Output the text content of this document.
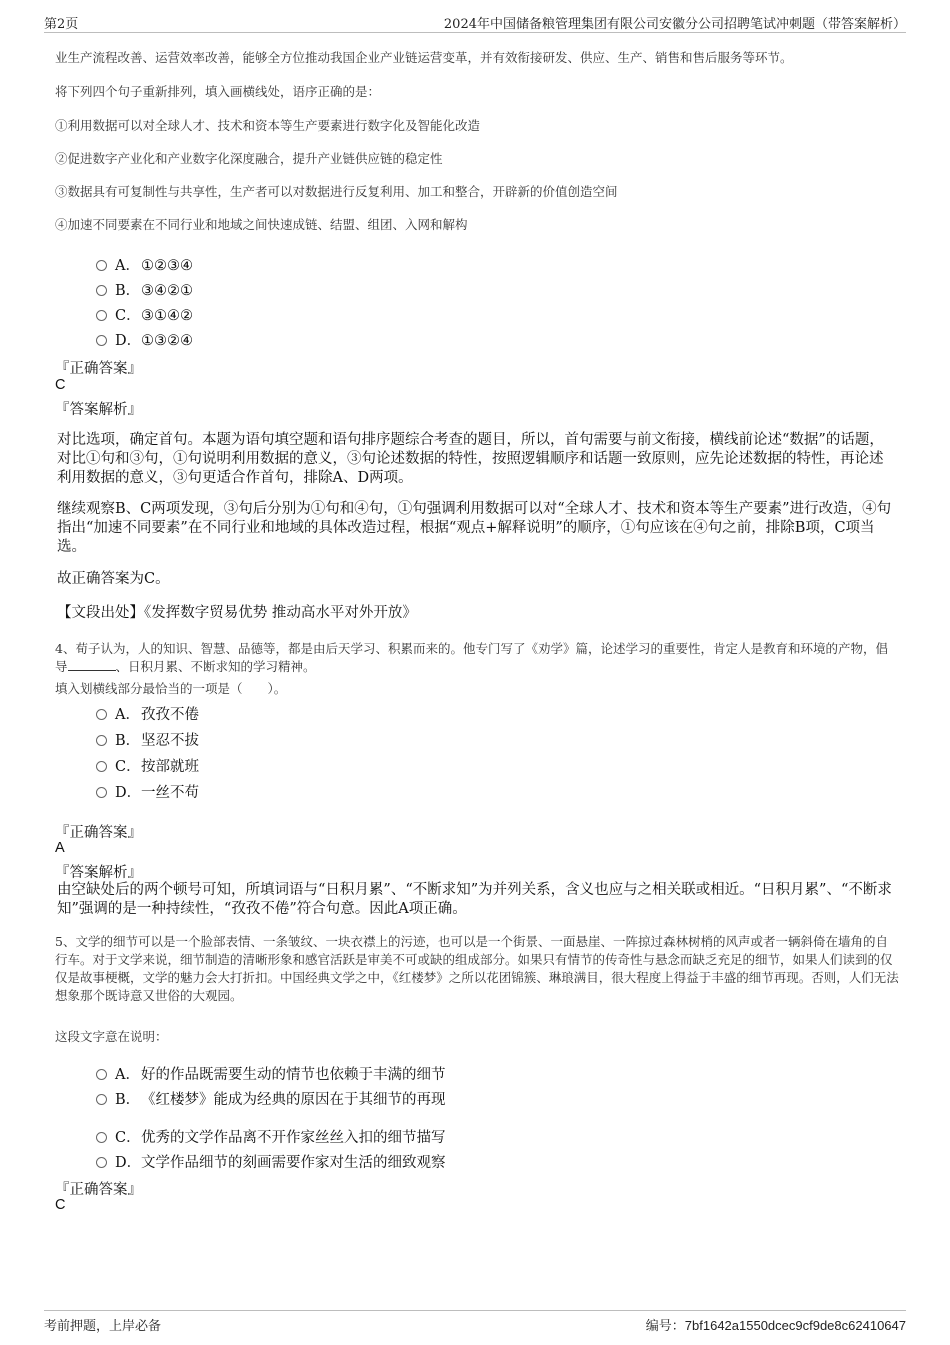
第2页	2024年中国储备粮管理集团有限公司安徽分公司招聘笔试冲刺题（带答案解析）
业生产流程改善、运营效率改善，能够全方位推动我国企业产业链运营变革，并有效衔接研发、供应、生产、销售和售后服务等环节。
将下列四个句子重新排列，填入画横线处，语序正确的是：
①利用数据可以对全球人才、技术和资本等生产要素进行数字化及智能化改造
②促进数字产业化和产业数字化深度融合，提升产业链供应链的稳定性
③数据具有可复制性与共享性，生产者可以对数据进行反复利用、加工和整合，开辟新的价值创造空间
④加速不同要素在不同行业和地域之间快速成链、结盟、组团、入网和解构
A．①②③④
B．③④②①
C．③①④②
D．①③②④
『正确答案』
C
『答案解析』
对比选项，确定首句。本题为语句填空题和语句排序题综合考查的题目，所以，首句需要与前文衔接，横线前论述“数据”的话题，对比①句和③句，①句说明利用数据的意义，③句论述数据的特性，按照逻辑顺序和话题一致原则，应先论述数据的特性，再论述利用数据的意义，③句更适合作首句，排除A、D两项。
继续观察B、C两项发现，③句后分别为①句和④句，①句强调利用数据可以对“全球人才、技术和资本等生产要素”进行改造，④句指出“加速不同要素”在不同行业和地域的具体改造过程，根据“观点+解释说明”的顺序，①句应该在④句之前，排除B项，C项当选。
故正确答案为C。
【文段出处】《发挥数字贸易优势 推动高水平对外开放》
4、荀子认为，人的知识、智慧、品德等，都是由后天学习、积累而来的。他专门写了《劝学》篇，论述学习的重要性，肯定人是教育和环境的产物，倡导	、日积月累、不断求知的学习精神。
填入划横线部分最恰当的一项是（　　）。
A．孜孜不倦
B．坚忍不拔
C．按部就班
D．一丝不苟
『正确答案』
A
『答案解析』
由空缺处后的两个顿号可知，所填词语与“日积月累”、“不断求知”为并列关系，含义也应与之相关联或相近。“日积月累”、“不断求知”强调的是一种持续性，“孜孜不倦”符合句意。因此A项正确。
5、文学的细节可以是一个脸部表情、一条皱纹、一块衣襟上的污迹，也可以是一个街景、一面悬崖、一阵掠过森林树梢的风声或者一辆斜倚在墙角的自行车。对于文学来说，细节制造的清晰形象和感官活跃是审美不可或缺的组成部分。如果只有情节的传奇性与悬念而缺乏充足的细节，如果人们读到的仅仅是故事梗概，文学的魅力会大打折扣。中国经典文学之中，《红楼梦》之所以花团锦簇、琳琅满目，很大程度上得益于丰盛的细节再现。否则，人们无法想象那个既诗意又世俗的大观园。
这段文字意在说明：
A．好的作品既需要生动的情节也依赖于丰满的细节
B．《红楼梦》能成为经典的原因在于其细节的再现
C．优秀的文学作品离不开作家丝丝入扣的细节描写
D．文学作品细节的刻画需要作家对生活的细致观察
『正确答案』
C
考前押题，上岸必备	编号：7bf1642a1550dcec9cf9de8c62410647
